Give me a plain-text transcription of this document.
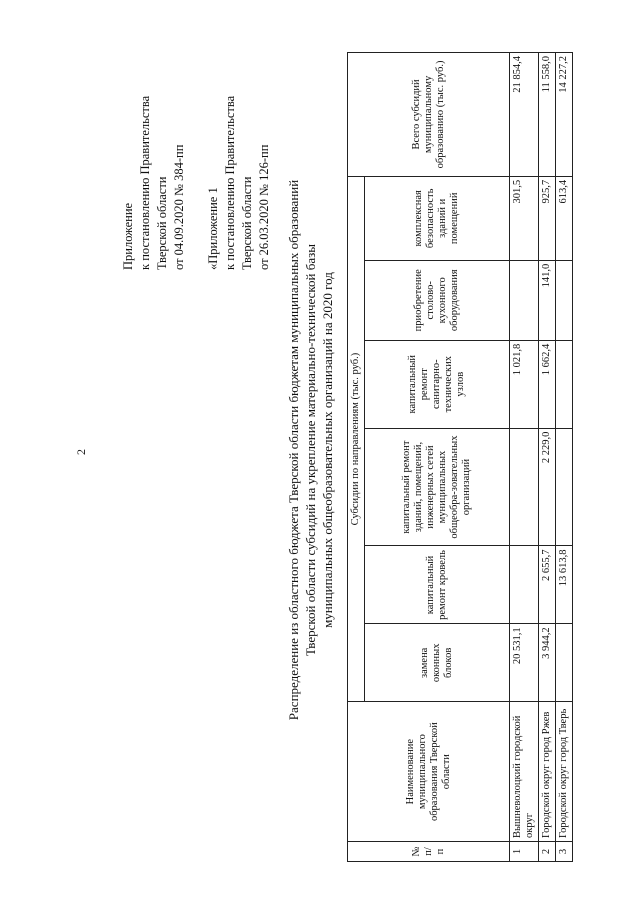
2
Приложение к постановлению Правительства Тверской области от 04.09.2020 № 384-пп «Приложение 1 к постановлению Правительства Тверской области от 26.03.2020 № 126-пп Распределение из областного бюджета Тверской области бюджетам муниципальных образований Тверской области субсидий на укрепление материально-технической базы муниципальных общеобразовательных организаций на 2020 год
№ п/п	Наименование муниципального образования Тверской области	Субсидии по направлениям (тыс. руб.)						Всего субсидий муниципальному образованию (тыс. руб.)
		замена оконных блоков	капитальный ремонт кровель	капитальный ремонт зданий, помещений, инженерных сетей муниципальных общеобра-зовательных организаций	капитальный ремонт санитарно-технических узлов	приобретение столово-кухонного оборудования	комплексная безопасность зданий и помещений	
1	Вышневолоцкий городской округ	20 531,1			1 021,8		301,5	21 854,4
2	Городской округ город Ржев	3 944,2	2 655,7	2 229,0	1 662,4	141,0	925,7	11 558,0
3	Городской округ город Тверь		13 613,8				613,4	14 227,2
